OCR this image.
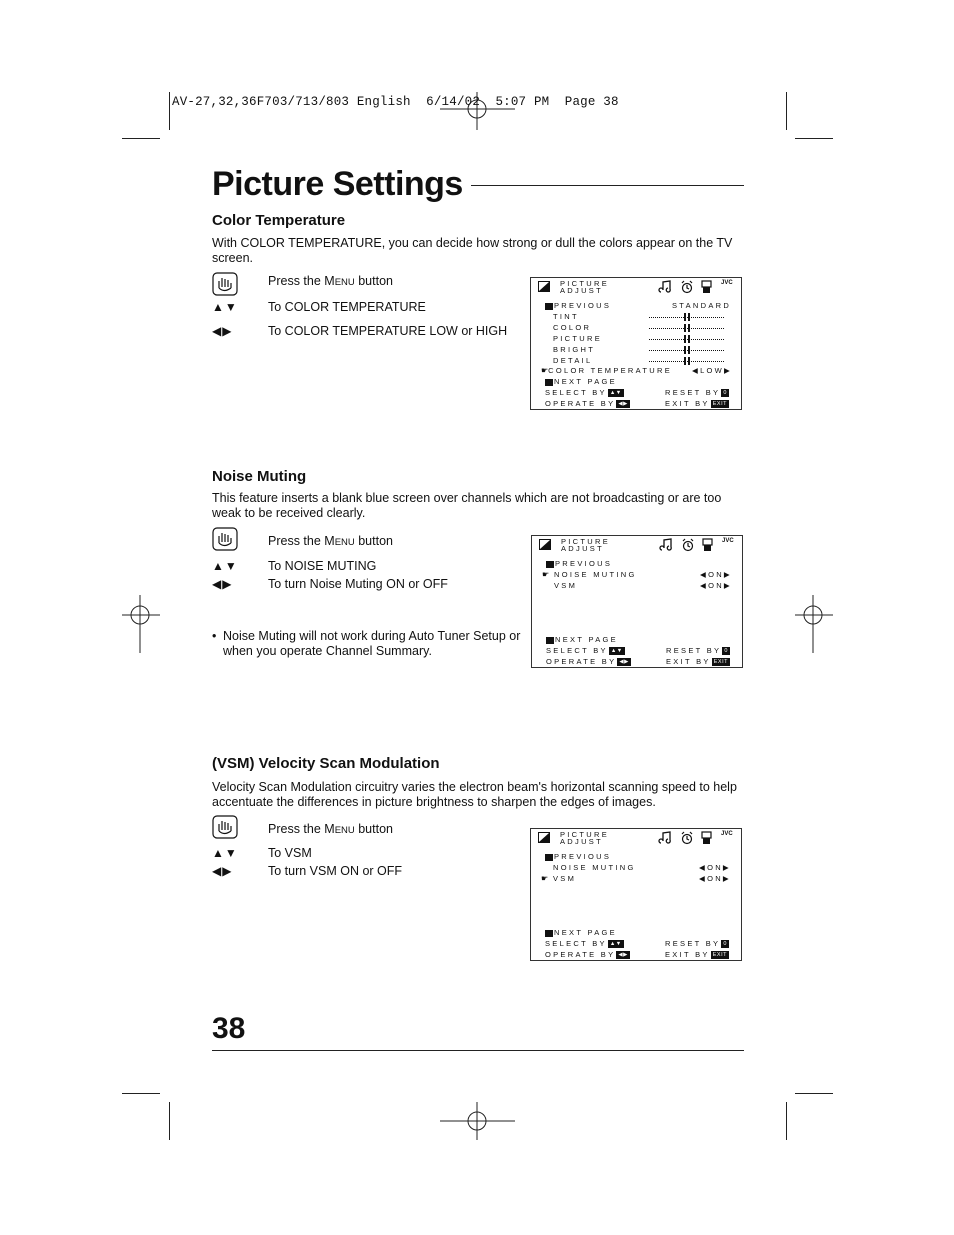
AV-27,32,36F703/713/803 English  6/14/02  5:07 PM  Page 38
Picture Settings
Color Temperature
With COLOR TEMPERATURE, you can decide how strong or dull the colors appear on the TV screen.
Press the MENU button
▲▼ To COLOR TEMPERATURE
◀▶	To COLOR TEMPERATURE LOW or HIGH
PICTURE
ADJUST
JVC
PREVIOUS	STANDARD
☛COLOR TEMPERATURE	◀LOW▶
NEXT PAGE
SELECT BY ▲▼	RESET BY 0
OPERATE BY ◀▶	EXIT BY EXIT
TINT
COLOR
PICTURE
BRIGHT
DETAIL
Noise Muting
This feature inserts a blank blue screen over channels which are not broadcasting or are too weak to be received clearly.
Press the MENU button
▲▼ To NOISE MUTING
◀▶	To turn Noise Muting ON or OFF
• Noise Muting will not work during Auto Tuner Setup or when you operate Channel Summary.
PICTURE
ADJUST
JVC
PREVIOUS
☛ NOISE MUTING	◀ON▶
VSM	◀ON▶
NEXT PAGE
SELECT BY ▲▼	RESET BY 0
OPERATE BY ◀▶	EXIT BY EXIT
(VSM) Velocity Scan Modulation
Velocity Scan Modulation circuitry varies the electron beam's horizontal scanning speed to help accentuate the differences in picture brightness to sharpen the edges of images.
Press the MENU button
▲▼ To VSM
◀▶	To turn VSM ON or OFF
PICTURE
ADJUST
JVC
PREVIOUS
NOISE MUTING	◀ON▶
☛ VSM	◀ON▶
NEXT PAGE
SELECT BY ▲▼	RESET BY 0
OPERATE BY ◀▶	EXIT BY EXIT
38
